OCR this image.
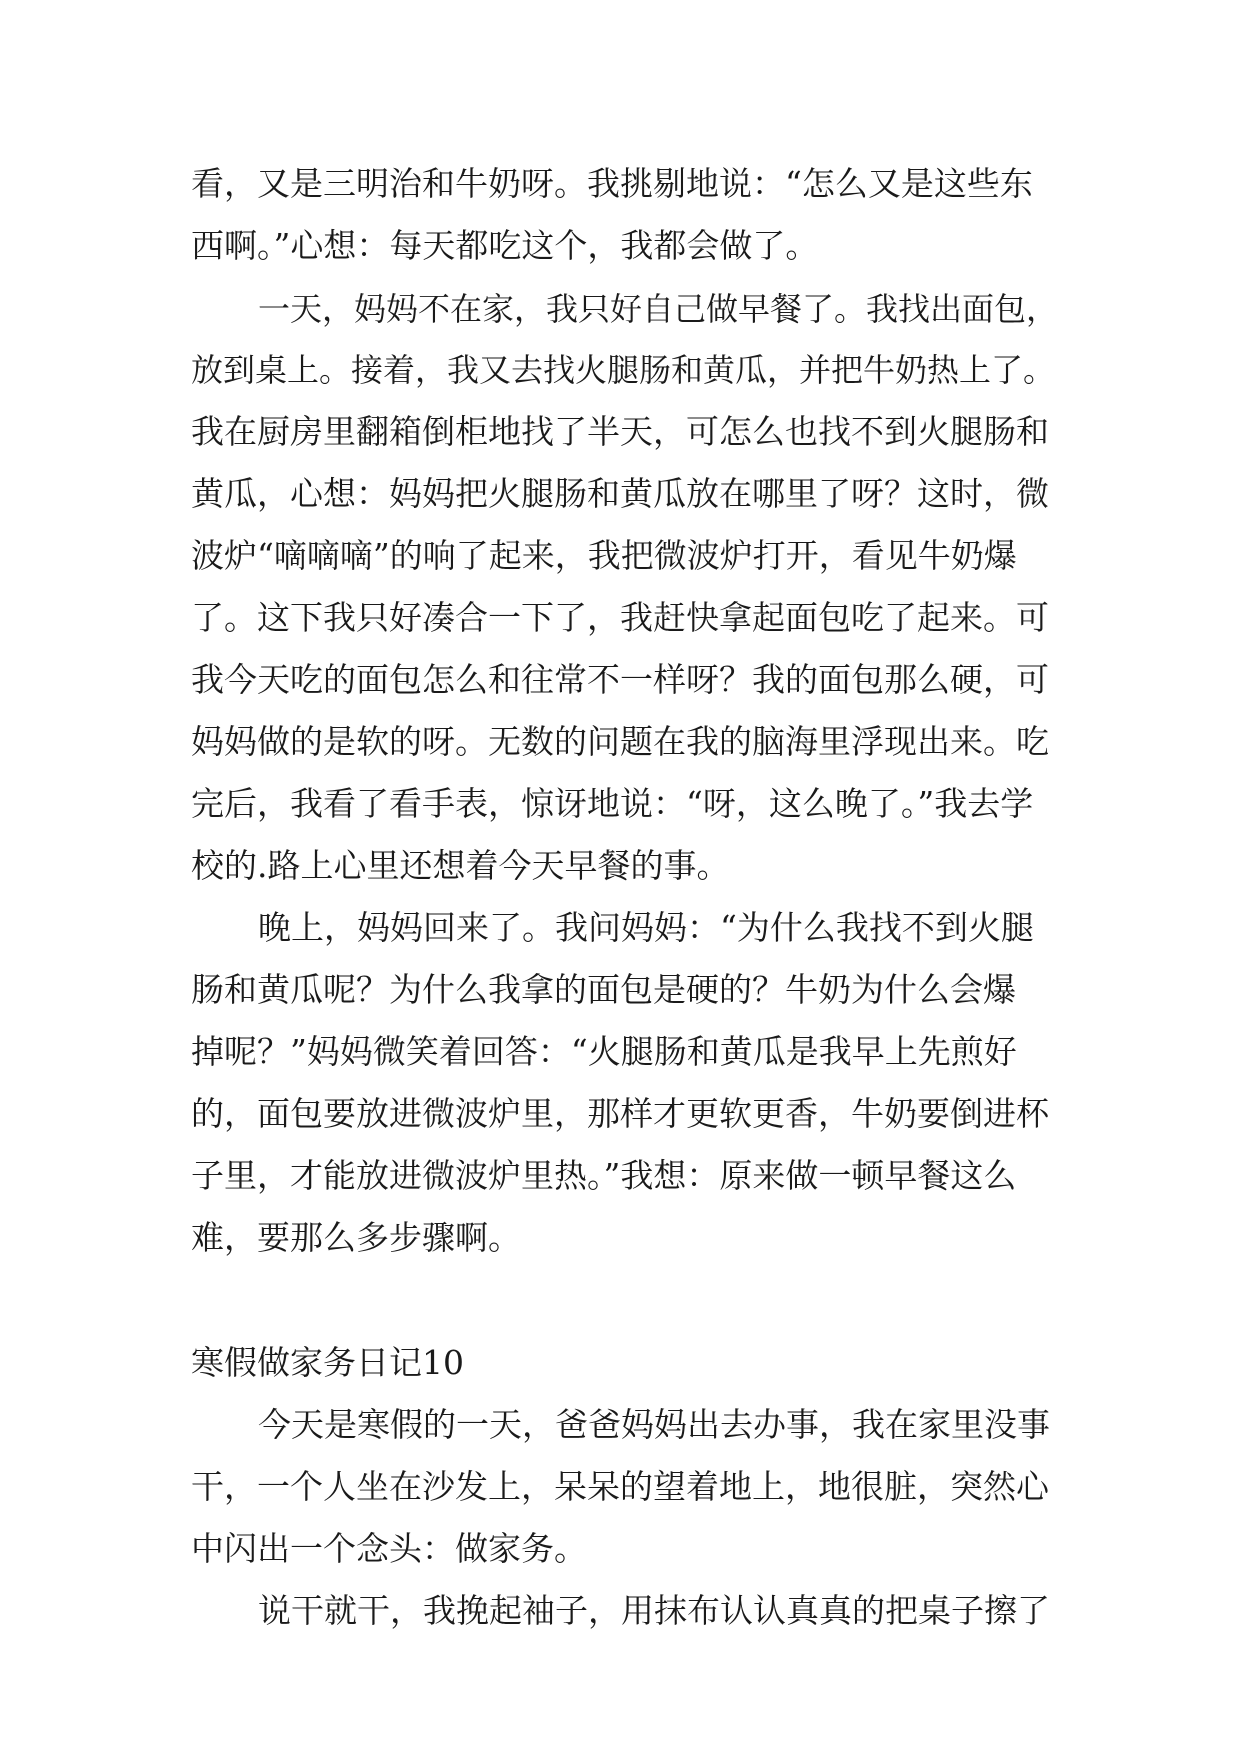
看，又是三明治和牛奶呀。我挑剔地说：“怎么又是这些东
西啊。”心想：每天都吃这个，我都会做了。
一天，妈妈不在家，我只好自己做早餐了。我找出面包，
放到桌上。接着，我又去找火腿肠和黄瓜，并把牛奶热上了。
我在厨房里翻箱倒柜地找了半天，可怎么也找不到火腿肠和
黄瓜，心想：妈妈把火腿肠和黄瓜放在哪里了呀？这时，微
波炉“嘀嘀嘀”的响了起来，我把微波炉打开，看见牛奶爆
了。这下我只好凑合一下了，我赶快拿起面包吃了起来。可
我今天吃的面包怎么和往常不一样呀？我的面包那么硬，可
妈妈做的是软的呀。无数的问题在我的脑海里浮现出来。吃
完后，我看了看手表，惊讶地说：“呀，这么晚了。”我去学
校的.路上心里还想着今天早餐的事。
晚上，妈妈回来了。我问妈妈：“为什么我找不到火腿
肠和黄瓜呢？为什么我拿的面包是硬的？牛奶为什么会爆
掉呢？”妈妈微笑着回答：“火腿肠和黄瓜是我早上先煎好
的，面包要放进微波炉里，那样才更软更香，牛奶要倒进杯
子里，才能放进微波炉里热。”我想：原来做一顿早餐这么
难，要那么多步骤啊。
寒假做家务日记10
今天是寒假的一天，爸爸妈妈出去办事，我在家里没事
干，一个人坐在沙发上，呆呆的望着地上，地很脏，突然心
中闪出一个念头：做家务。
说干就干，我挽起袖子，用抹布认认真真的把桌子擦了
